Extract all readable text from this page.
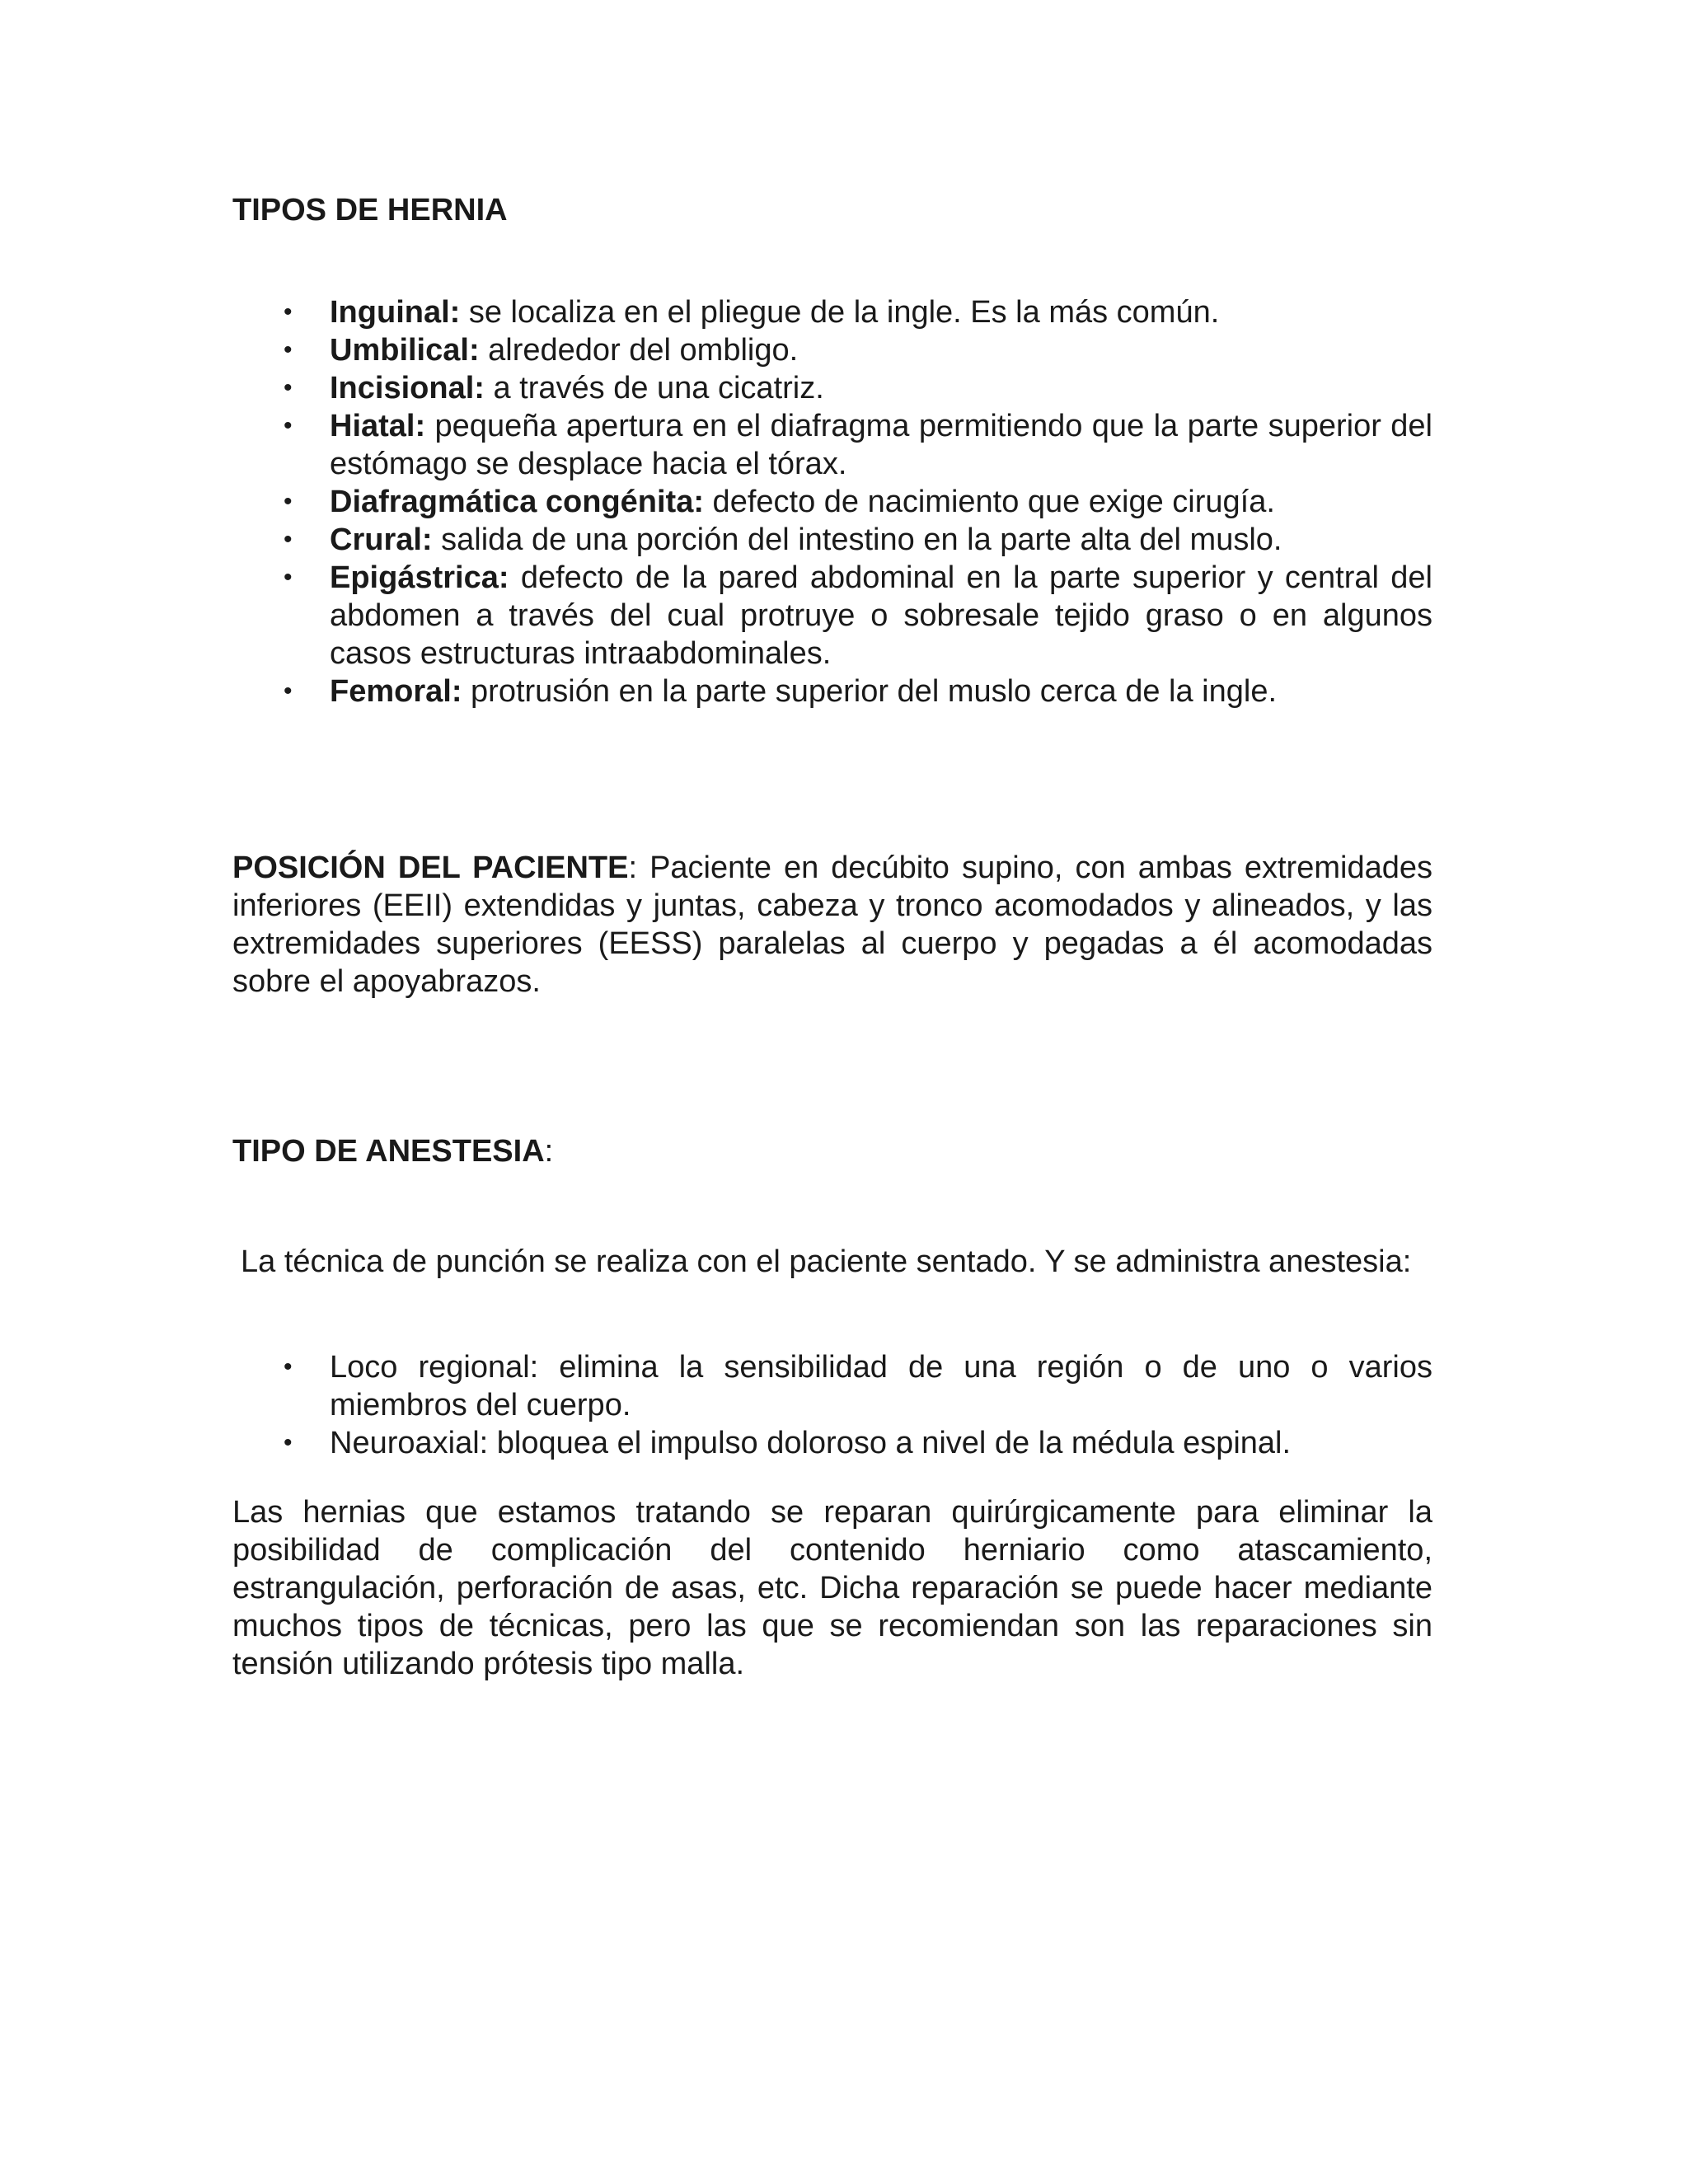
TIPOS DE HERNIA
• Inguinal: se localiza en el pliegue de la ingle. Es la más común.
• Umbilical: alrededor del ombligo.
• Incisional: a través de una cicatriz.
• Hiatal: pequeña apertura en el diafragma permitiendo que la parte superior del estómago se desplace hacia el tórax.
• Diafragmática congénita: defecto de nacimiento que exige cirugía.
• Crural: salida de una porción del intestino en la parte alta del muslo.
• Epigástrica: defecto de la pared abdominal en la parte superior y central del abdomen a través del cual protruye o sobresale tejido graso o en algunos casos estructuras intraabdominales.
• Femoral: protrusión en la parte superior del muslo cerca de la ingle.
POSICIÓN DEL PACIENTE: Paciente en decúbito supino, con ambas extremidades inferiores (EEII) extendidas y juntas, cabeza y tronco acomodados y alineados, y las extremidades superiores (EESS) paralelas al cuerpo y pegadas a él acomodadas sobre el apoyabrazos.
TIPO DE ANESTESIA:
La técnica de punción se realiza con el paciente sentado. Y se administra anestesia:
• Loco regional: elimina la sensibilidad de una región o de uno o varios miembros del cuerpo.
• Neuroaxial: bloquea el impulso doloroso a nivel de la médula espinal.
Las hernias que estamos tratando se reparan quirúrgicamente para eliminar la posibilidad de complicación del contenido herniario como atascamiento, estrangulación, perforación de asas, etc. Dicha reparación se puede hacer mediante muchos tipos de técnicas, pero las que se recomiendan son las reparaciones sin tensión utilizando prótesis tipo malla.
